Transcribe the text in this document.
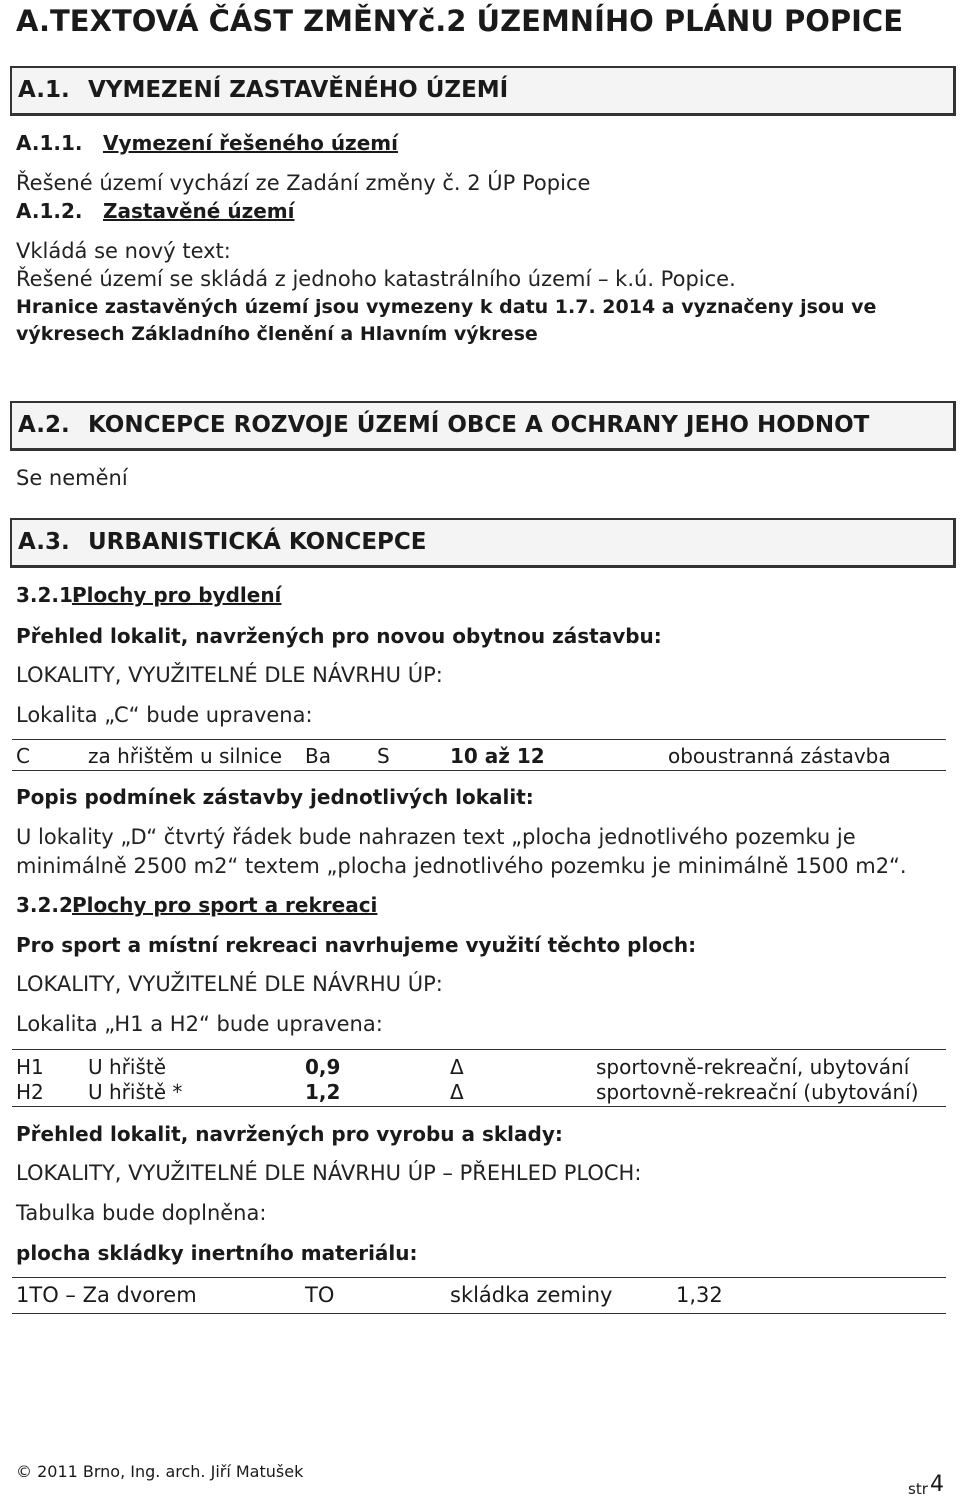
A.TEXTOVÁ ČÁST ZMĚNYč.2 ÚZEMNÍHO PLÁNU POPICE
A.1. VYMEZENÍ ZASTAVĚNÉHO ÚZEMÍ
A.1.1. Vymezení řešeného území
Řešené území vychází ze Zadání změny č. 2 ÚP Popice
A.1.2. Zastavěné území
Vkládá se nový text:
Řešené území se skládá z jednoho katastrálního území – k.ú. Popice.
Hranice zastavěných území jsou vymezeny k datu 1.7. 2014 a vyznačeny jsou ve
výkresech Základního členění a Hlavním výkrese
A.2. KONCEPCE ROZVOJE ÚZEMÍ OBCE A OCHRANY JEHO HODNOT
Se nemění
A.3. URBANISTICKÁ KONCEPCE
3.2.1.
Plochy pro bydlení
Přehled lokalit, navržených pro novou obytnou zástavbu:
LOKALITY, VYUŽITELNÉ DLE NÁVRHU ÚP:
Lokalita „C“ bude upravena:
C	za hřištěm u silnice Ba S	10 až 12	oboustranná zástavba
Popis podmínek zástavby jednotlivých lokalit:
U lokality „D“ čtvrtý řádek bude nahrazen text „plocha jednotlivého pozemku je
minimálně 2500 m2“ textem „plocha jednotlivého pozemku je minimálně 1500 m2“.
3.2.2.
Plochy pro sport a rekreaci
Pro sport a místní rekreaci navrhujeme využití těchto ploch:
LOKALITY, VYUŽITELNÉ DLE NÁVRHU ÚP:
Lokalita „H1 a H2“ bude upravena:
H1 U hřiště	0,9	Δ	sportovně-rekreační, ubytování
H2 U hřiště *	1,2	Δ	sportovně-rekreační (ubytování)
Přehled lokalit, navržených pro vyrobu a sklady:
LOKALITY, VYUŽITELNÉ DLE NÁVRHU ÚP – PŘEHLED PLOCH:
Tabulka bude doplněna:
plocha skládky inertního materiálu:
1TO – Za dvorem	TO	skládka zeminy	1,32
© 2011 Brno, Ing. arch. Jiří Matušek
str 4
